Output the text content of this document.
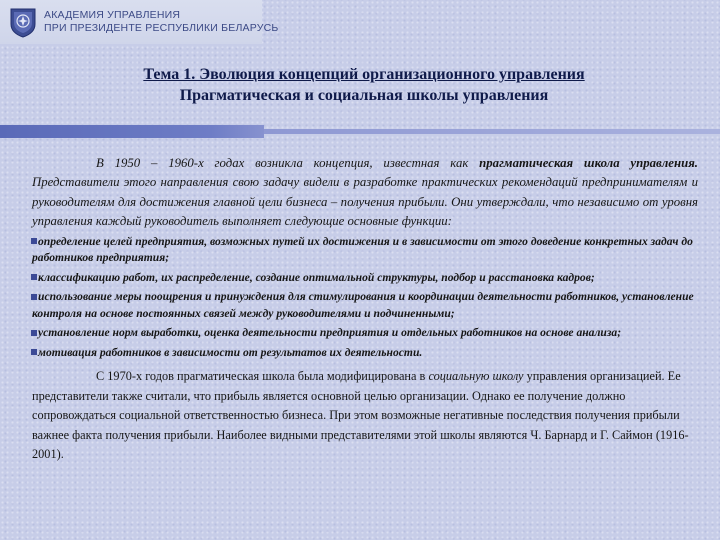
АКАДЕМИЯ УПРАВЛЕНИЯ
ПРИ ПРЕЗИДЕНТЕ РЕСПУБЛИКИ БЕЛАРУСЬ
Тема 1. Эволюция концепций организационного управления
Прагматическая и социальная школы управления

В 1950 – 1960-х годах возникла концепция, известная как прагматическая школа управления. Представители этого направления свою задачу видели в разработке практических рекомендаций предпринимателям и руководителям для достижения главной цели бизнеса – получения прибыли. Они утверждали, что независимо от уровня управления каждый руководитель выполняет следующие основные функции:

определение целей предприятия, возможных путей их достижения и в зависимости от этого доведение конкретных задач до работников предприятия;
классификацию работ, их распределение, создание оптимальной структуры, подбор и расстановка кадров;
использование меры поощрения и принуждения для стимулирования и координации деятельности работников, установление контроля на основе постоянных связей между руководителями и подчиненными;
установление норм выработки, оценка деятельности предприятия и отдельных работников на основе анализа;
мотивация работников в зависимости от результатов их деятельности.

С 1970-х годов прагматическая школа была модифицирована в социальную школу управления организацией. Ее представители также считали, что прибыль является основной целью организации. Однако ее получение должно сопровождаться социальной ответственностью бизнеса. При этом возможные негативные последствия получения прибыли важнее факта получения прибыли. Наиболее видными представителями этой школы являются Ч. Барнард и Г. Саймон (1916-2001).
